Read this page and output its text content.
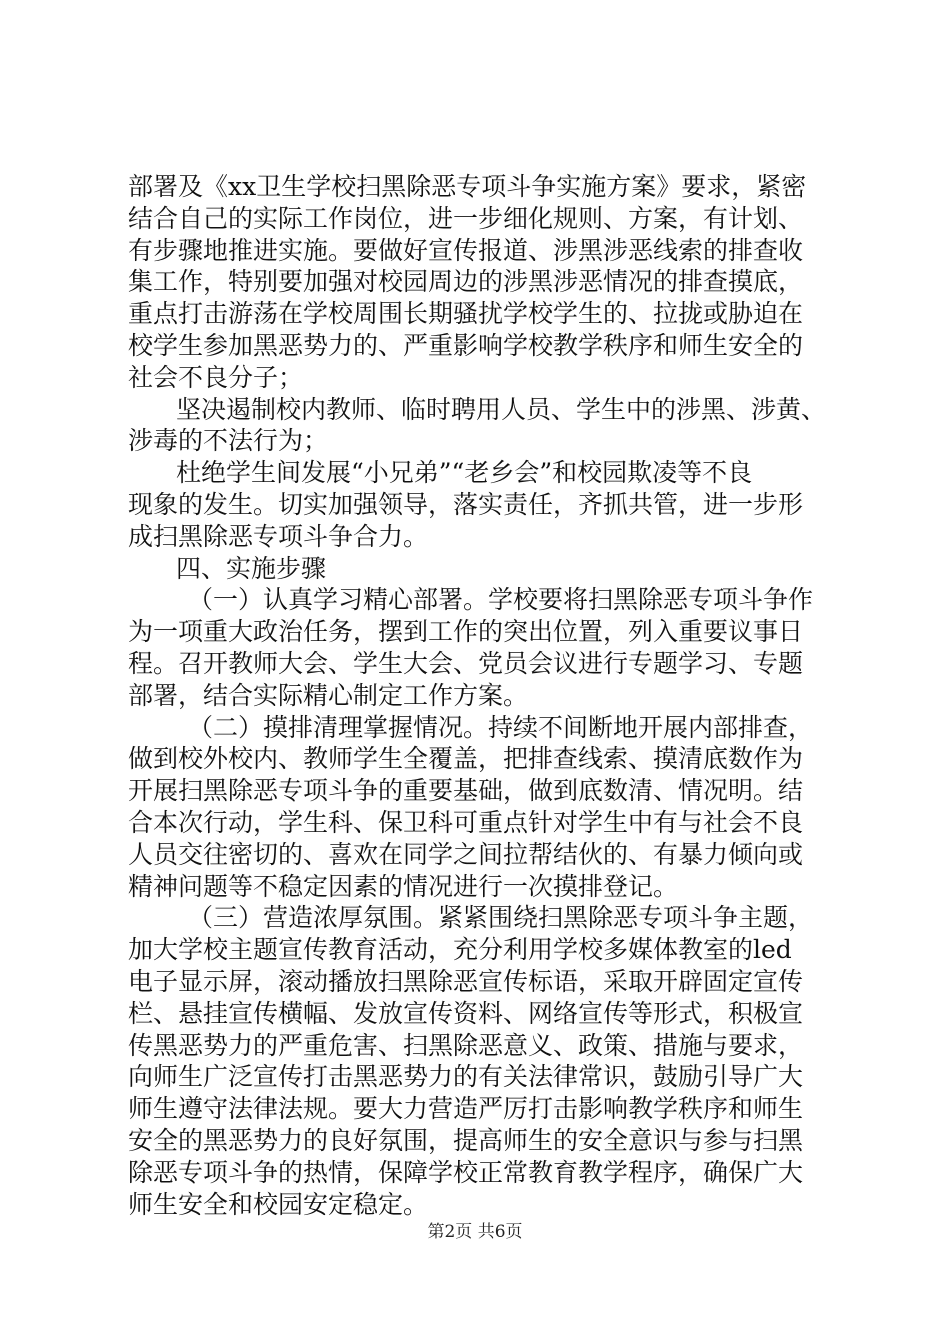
部署及《xx卫生学校扫黑除恶专项斗争实施方案》要求，紧密
结合自己的实际工作岗位，进一步细化规则、方案，有计划、
有步骤地推进实施。要做好宣传报道、涉黑涉恶线索的排查收
集工作，特别要加强对校园周边的涉黑涉恶情况的排查摸底，
重点打击游荡在学校周围长期骚扰学校学生的、拉拢或胁迫在
校学生参加黑恶势力的、严重影响学校教学秩序和师生安全的
社会不良分子；
坚决遏制校内教师、临时聘用人员、学生中的涉黑、涉黄、
涉毒的不法行为；
杜绝学生间发展“小兄弟”“老乡会”和校园欺凌等不良
现象的发生。切实加强领导，落实责任，齐抓共管，进一步形
成扫黑除恶专项斗争合力。
四、实施步骤
（一）认真学习精心部署。学校要将扫黑除恶专项斗争作
为一项重大政治任务，摆到工作的突出位置，列入重要议事日
程。召开教师大会、学生大会、党员会议进行专题学习、专题
部署，结合实际精心制定工作方案。
（二）摸排清理掌握情况。持续不间断地开展内部排查，
做到校外校内、教师学生全覆盖，把排查线索、摸清底数作为
开展扫黑除恶专项斗争的重要基础，做到底数清、情况明。结
合本次行动，学生科、保卫科可重点针对学生中有与社会不良
人员交往密切的、喜欢在同学之间拉帮结伙的、有暴力倾向或
精神问题等不稳定因素的情况进行一次摸排登记。
（三）营造浓厚氛围。紧紧围绕扫黑除恶专项斗争主题，
加大学校主题宣传教育活动，充分利用学校多媒体教室的led
电子显示屏，滚动播放扫黑除恶宣传标语，采取开辟固定宣传
栏、悬挂宣传横幅、发放宣传资料、网络宣传等形式，积极宣
传黑恶势力的严重危害、扫黑除恶意义、政策、措施与要求，
向师生广泛宣传打击黑恶势力的有关法律常识，鼓励引导广大
师生遵守法律法规。要大力营造严厉打击影响教学秩序和师生
安全的黑恶势力的良好氛围，提高师生的安全意识与参与扫黑
除恶专项斗争的热情，保障学校正常教育教学程序，确保广大
师生安全和校园安定稳定。
第2页 共6页
